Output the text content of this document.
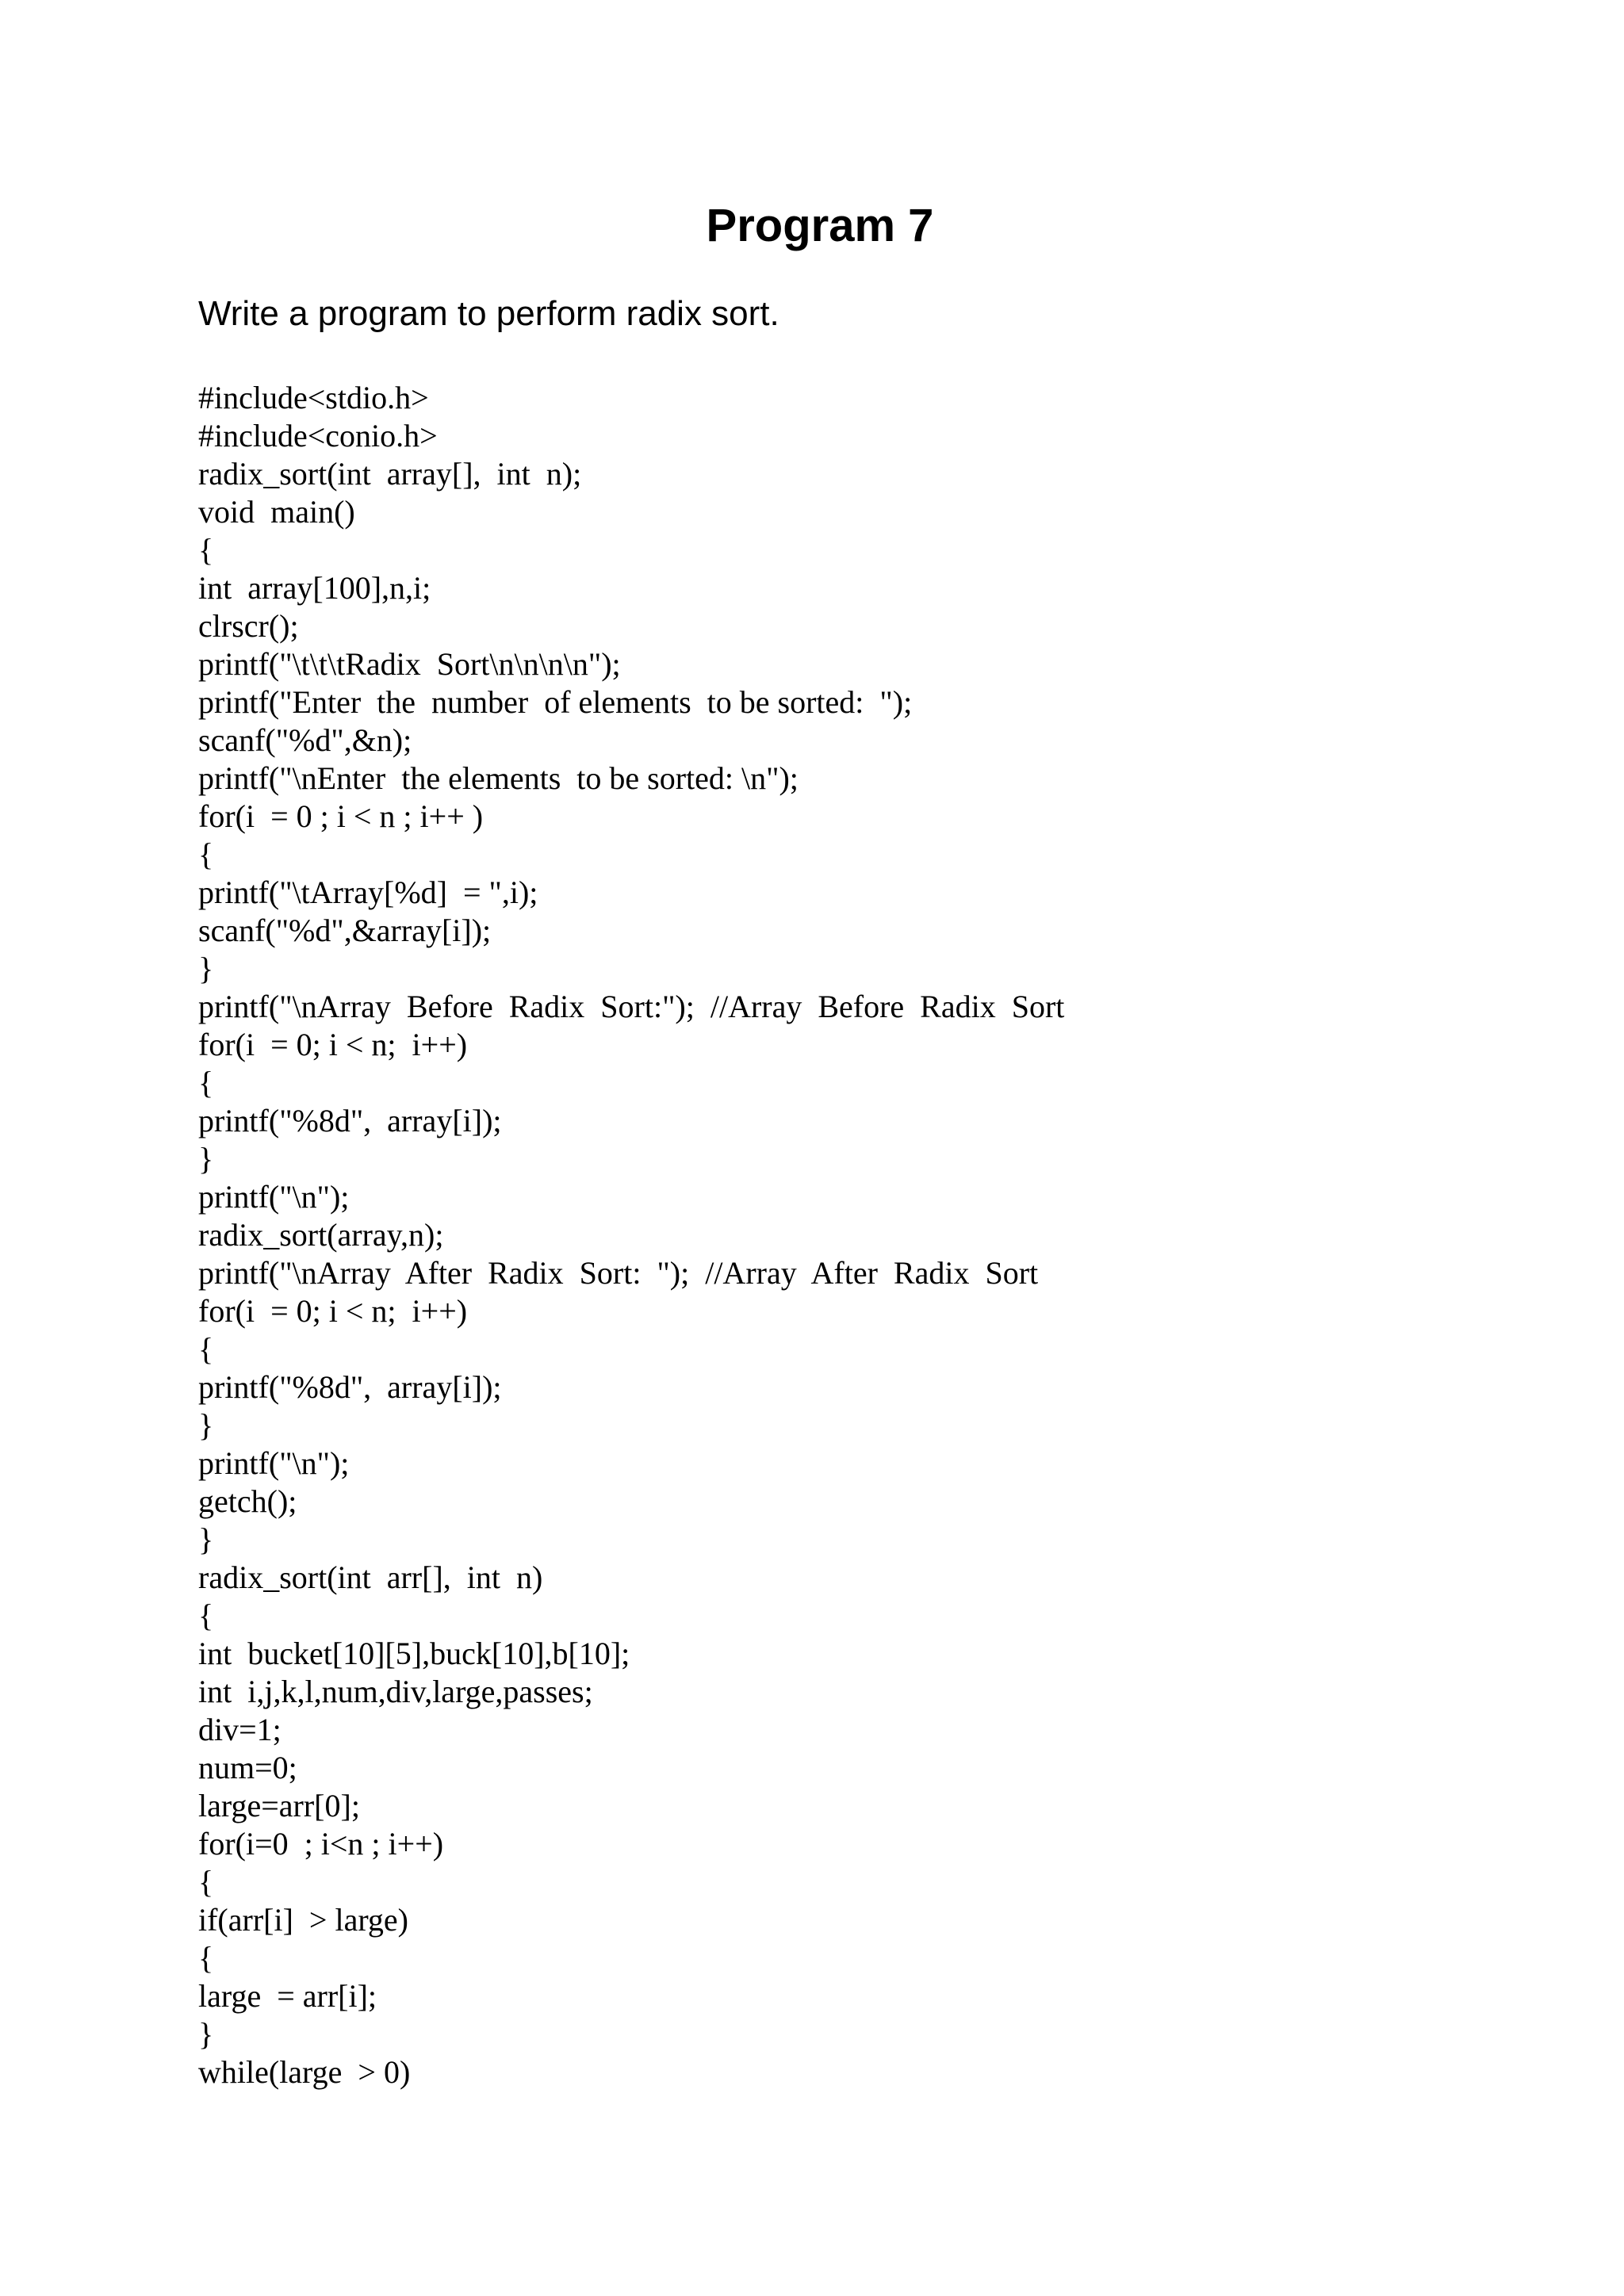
Program 7
Write a program to perform radix sort.
#include<stdio.h>
#include<conio.h>
radix_sort(int  array[],  int  n);
void  main()
{
int  array[100],n,i;
clrscr();
printf("\t\t\tRadix  Sort\n\n\n\n");
printf("Enter  the  number  of elements  to be sorted:  ");
scanf("%d",&n);
printf("\nEnter  the elements  to be sorted: \n");
for(i  = 0 ; i < n ; i++ )
{
printf("\tArray[%d]  = ",i);
scanf("%d",&array[i]);
}
printf("\nArray  Before  Radix  Sort:");  //Array  Before  Radix  Sort
for(i  = 0; i < n;  i++)
{
printf("%8d",  array[i]);
}
printf("\n");
radix_sort(array,n);
printf("\nArray  After  Radix  Sort:  ");  //Array  After  Radix  Sort
for(i  = 0; i < n;  i++)
{
printf("%8d",  array[i]);
}
printf("\n");
getch();
}
radix_sort(int  arr[],  int  n)
{
int  bucket[10][5],buck[10],b[10];
int  i,j,k,l,num,div,large,passes;
div=1;
num=0;
large=arr[0];
for(i=0  ; i<n ; i++)
{
if(arr[i]  > large)
{
large  = arr[i];
}
while(large  > 0)
